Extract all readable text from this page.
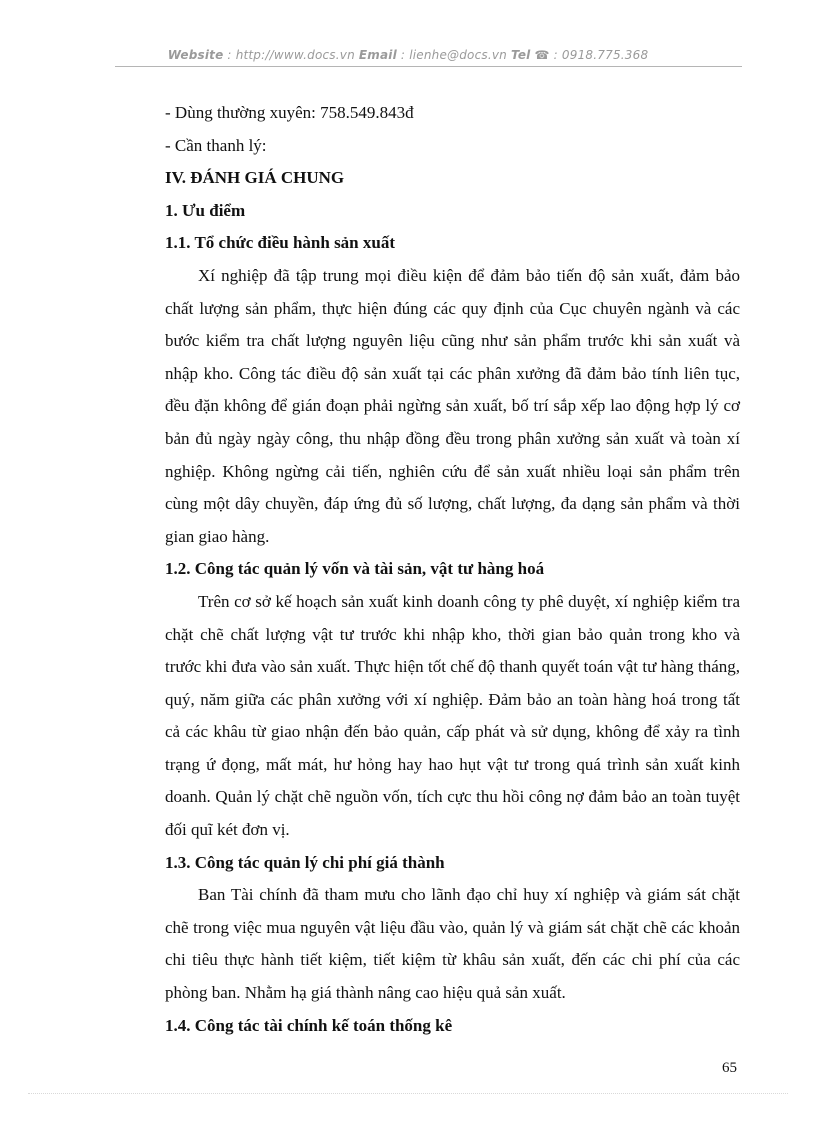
Website : http://www.docs.vn Email : lienhe@docs.vn Tel ☎ : 0918.775.368

- Dùng thường xuyên: 758.549.843đ

- Cần thanh lý:

IV. ĐÁNH GIÁ CHUNG

1. Ưu điểm

1.1. Tổ chức điều hành sản xuất

Xí nghiệp đã tập trung mọi điều kiện để đảm bảo tiến độ sản xuất, đảm bảo chất lượng sản phẩm, thực hiện đúng các quy định của Cục chuyên ngành và các bước kiểm tra chất lượng nguyên liệu cũng như sản phẩm trước khi sản xuất và nhập kho. Công tác điều độ sản xuất tại các phân xưởng đã đảm bảo tính liên tục, đều đặn không để gián đoạn phải ngừng sản xuất, bố trí sắp xếp lao động hợp lý cơ bản đủ ngày ngày công, thu nhập đồng đều trong phân xưởng sản xuất và toàn xí nghiệp. Không ngừng cải tiến, nghiên cứu để sản xuất nhiều loại sản phẩm trên cùng một dây chuyền, đáp ứng đủ số lượng, chất lượng, đa dạng sản phẩm và thời gian giao hàng.

1.2. Công tác quản lý vốn và tài sản, vật tư hàng hoá

Trên cơ sở kế hoạch sản xuất kinh doanh công ty phê duyệt, xí nghiệp kiểm tra chặt chẽ chất lượng vật tư trước khi nhập kho, thời gian bảo quản trong kho và trước khi đưa vào sản xuất. Thực hiện tốt chế độ thanh quyết toán vật tư hàng tháng, quý, năm giữa các phân xưởng với xí nghiệp. Đảm bảo an toàn hàng hoá trong tất cả các khâu từ giao nhận đến bảo quản, cấp phát và sử dụng, không để xảy ra tình trạng ứ đọng, mất mát, hư hỏng hay hao hụt vật tư trong quá trình sản xuất kinh doanh. Quản lý chặt chẽ nguồn vốn, tích cực thu hồi công nợ đảm bảo an toàn tuyệt đối quĩ két đơn vị.

1.3. Công tác quản lý chi phí giá thành

Ban Tài chính đã tham mưu cho lãnh đạo chỉ huy xí nghiệp và giám sát chặt chẽ trong việc mua nguyên vật liệu đầu vào, quản lý và giám sát chặt chẽ các khoản chi tiêu thực hành tiết kiệm, tiết kiệm từ khâu sản xuất, đến các chi phí của các phòng ban. Nhằm hạ giá thành nâng cao hiệu quả sản xuất.

1.4. Công tác tài chính kế toán thống kê

65
